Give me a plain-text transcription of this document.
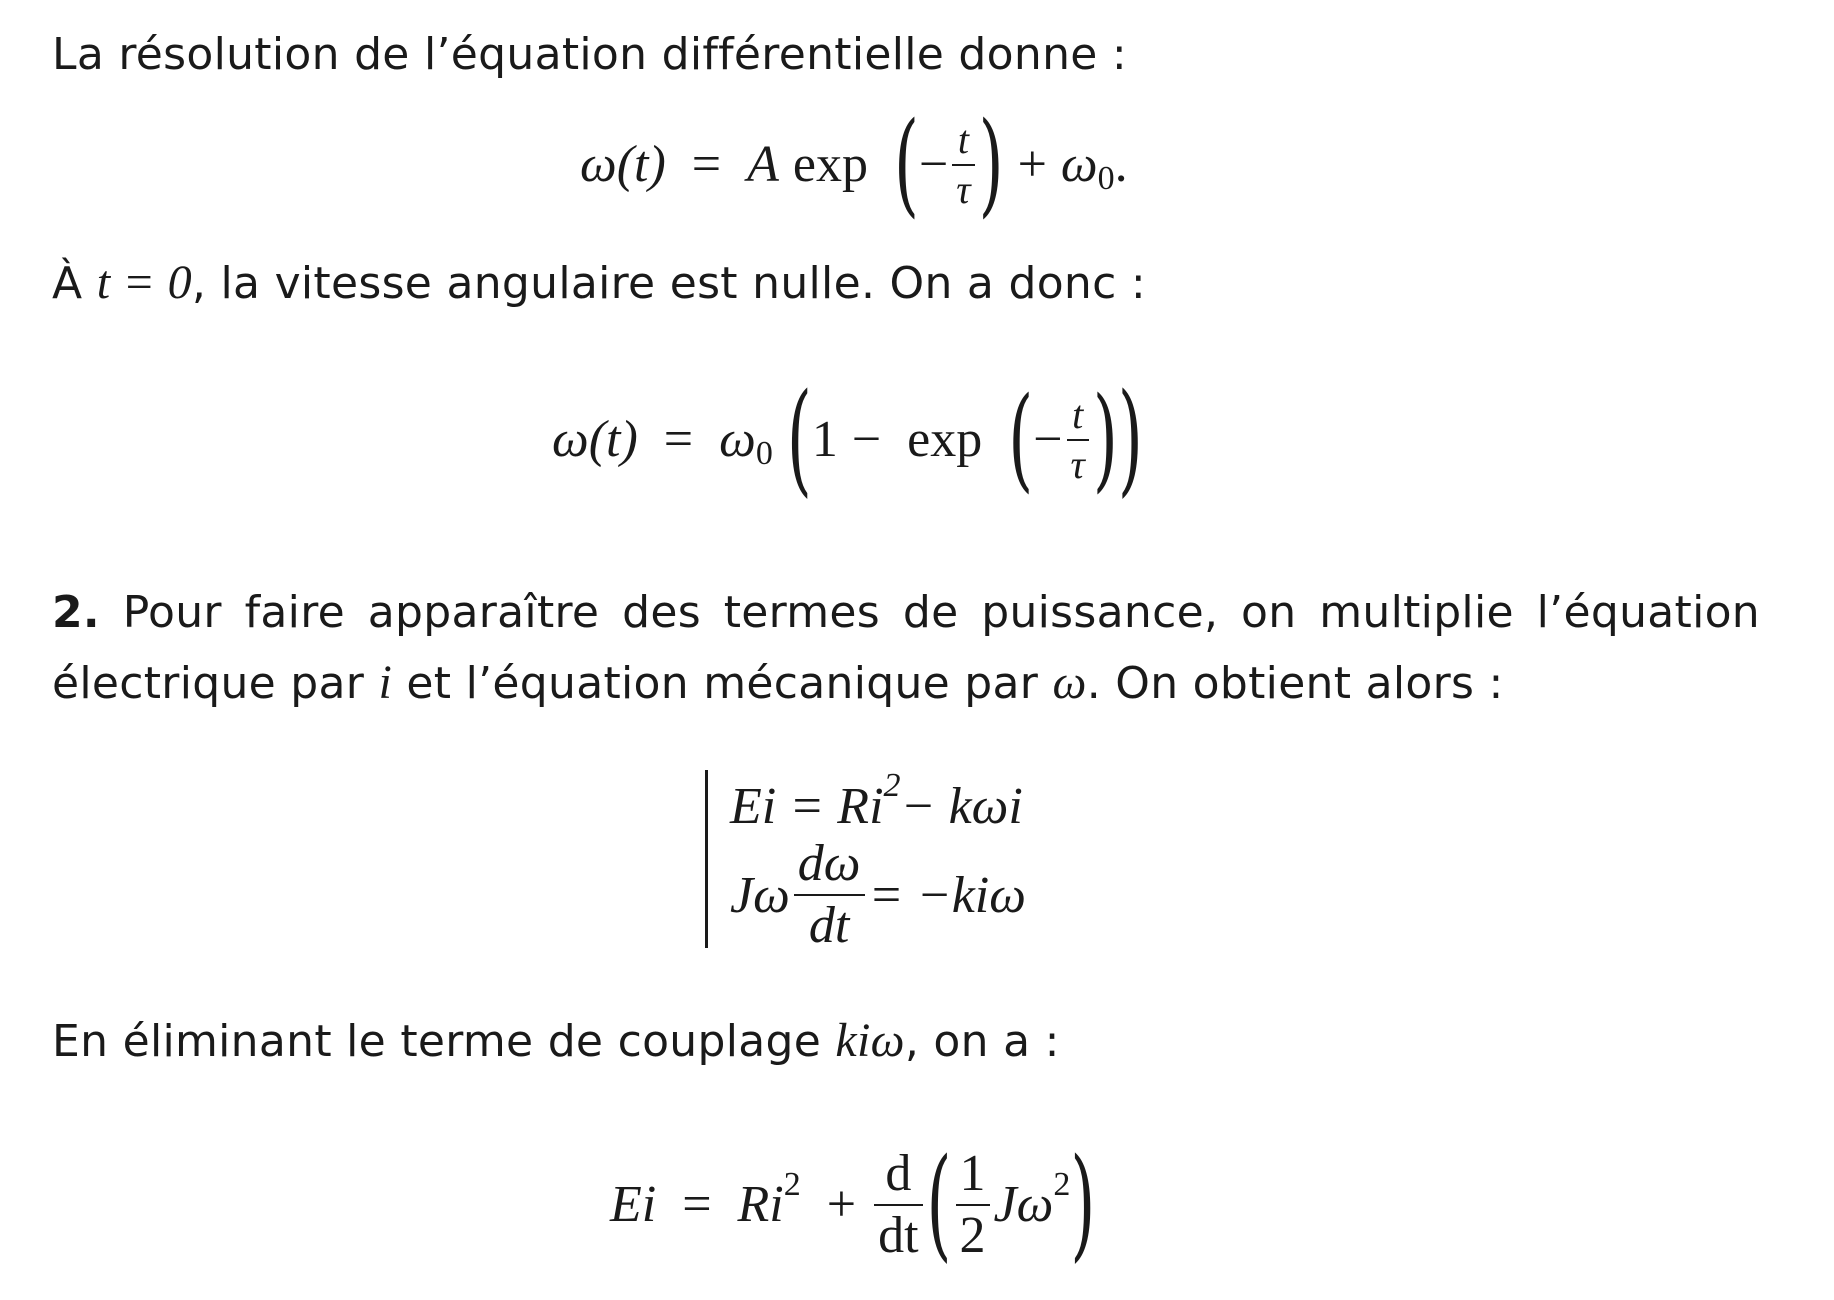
La résolution de l’équation différentielle donne :
ω(t) = A exp ( − $\frac{t}{\tau}$ ) + ω 0 .
À t = 0, la vitesse angulaire est nulle. On a donc :
ω(t) = ω 0 ( 1 − exp ( − $\frac{t}{\tau}$ ) )
2. Pour faire apparaître des termes de puissance, on multiplie l’équation
électrique par i et l’équation mécanique par ω. On obtient alors :
Ei = Ri 2 − kωi
Jω $\frac{d\omega}{dt} = -ki\omega$
En éliminant le terme de couplage kiω, on a :
Ei = Ri $2 + \frac{d}{dt}$ ( $\frac{1}{2}$ Jω 2 )
